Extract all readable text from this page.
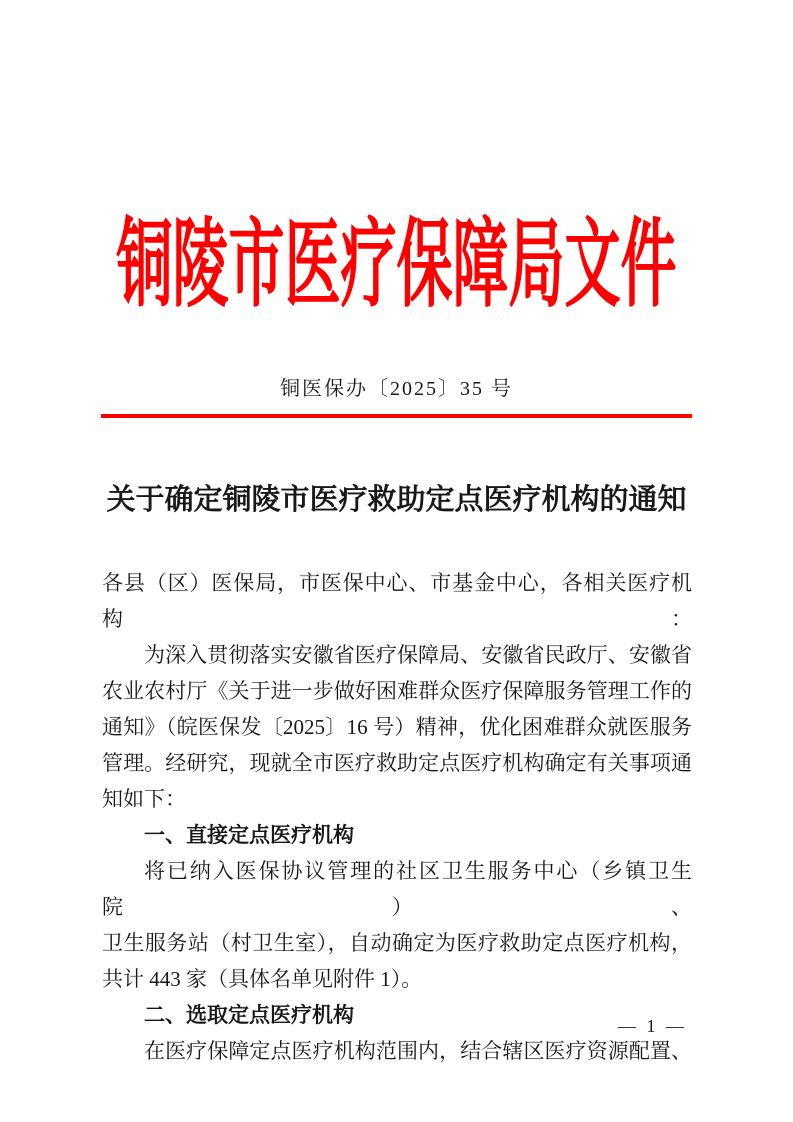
铜陵市医疗保障局文件
铜医保办〔2025〕35 号
关于确定铜陵市医疗救助定点医疗机构的通知

各县（区）医保局，市医保中心、市基金中心，各相关医疗机构：

为深入贯彻落实安徽省医疗保障局、安徽省民政厅、安徽省

农业农村厅《关于进一步做好困难群众医疗保障服务管理工作的

通知》（皖医保发〔2025〕16 号）精神，优化困难群众就医服务

管理。经研究，现就全市医疗救助定点医疗机构确定有关事项通

知如下：

一、直接定点医疗机构

将已纳入医保协议管理的社区卫生服务中心（乡镇卫生院）、

卫生服务站（村卫生室），自动确定为医疗救助定点医疗机构，

共计 443 家（具体名单见附件 1）。

二、选取定点医疗机构

在医疗保障定点医疗机构范围内，结合辖区医疗资源配置、

— 1 —
